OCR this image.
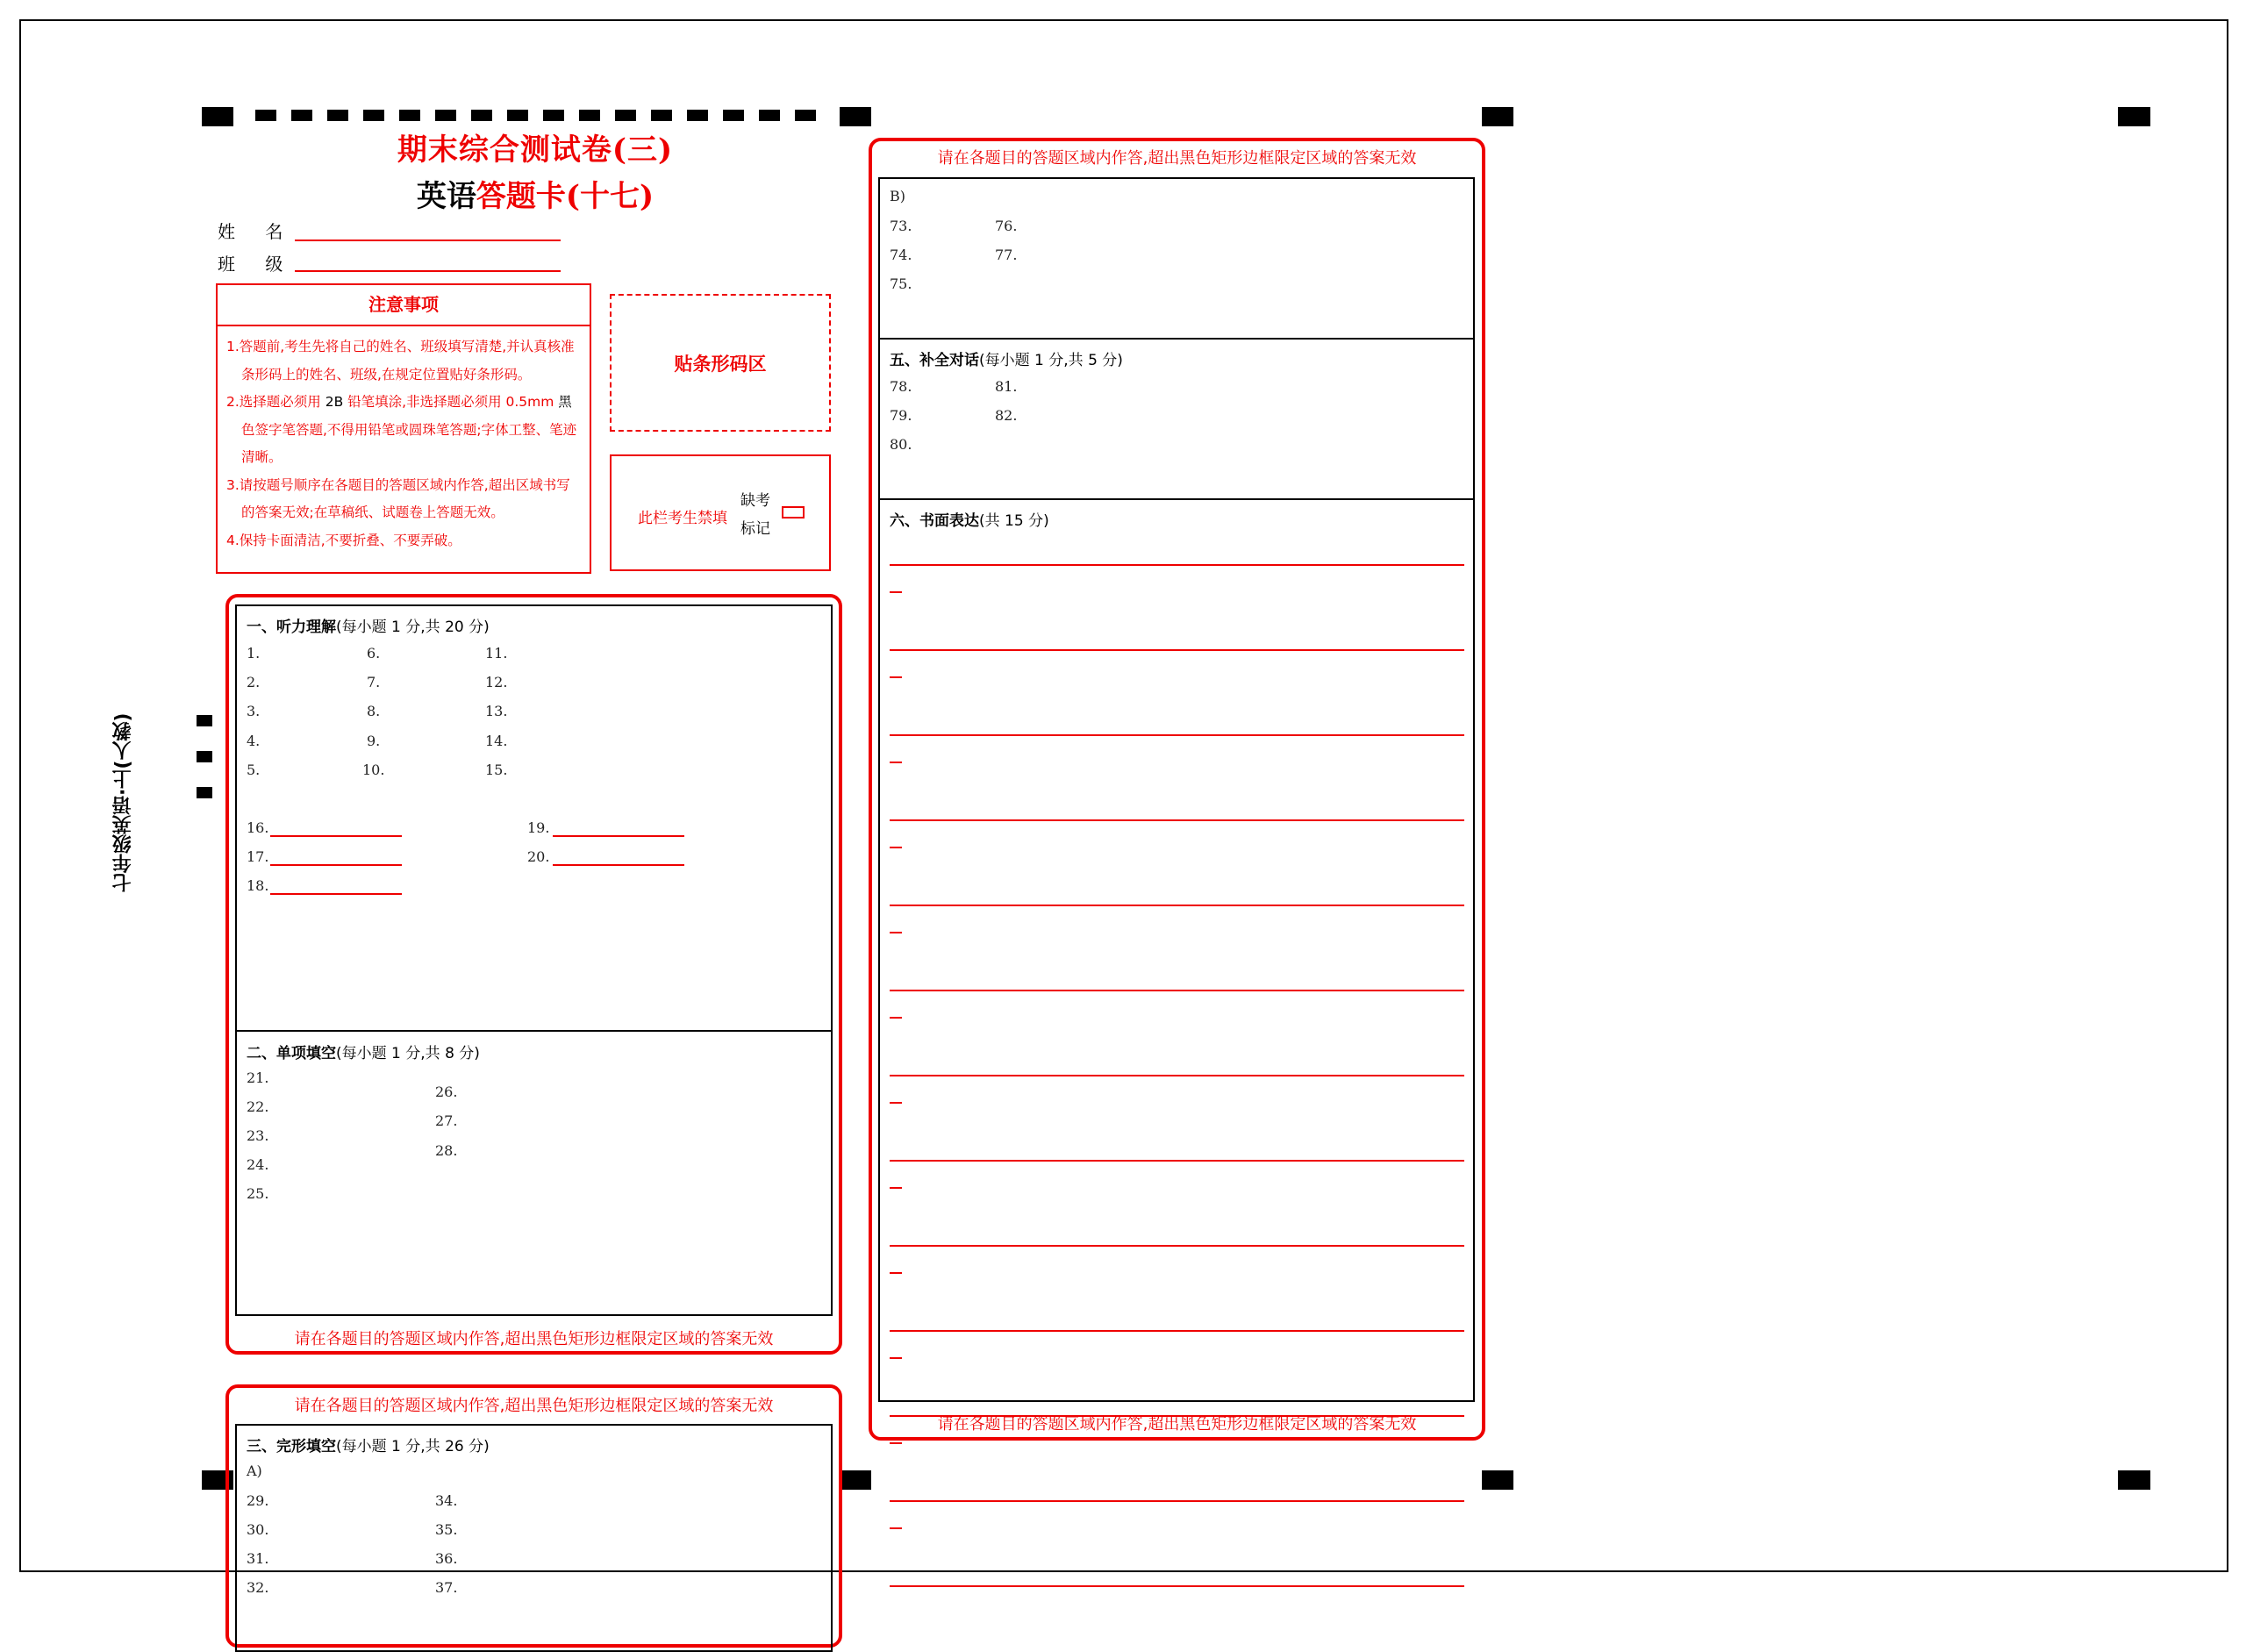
七年级英语·上(人教)
期末综合测试卷(三)
英语答题卡(十七)
姓 名
班 级
注意事项
1.答题前,考生先将自己的姓名、班级填写清楚,并认真核准条形码上的姓名、班级,在规定位置贴好条形码。
2.选择题必须用 2B 铅笔填涂,非选择题必须用 0.5mm 黑色签字笔答题,不得用铅笔或圆珠笔答题;字体工整、笔迹清晰。
3.请按题号顺序在各题目的答题区域内作答,超出区域书写的答案无效;在草稿纸、试题卷上答题无效。
4.保持卡面清洁,不要折叠、不要弄破。
贴条形码区
此栏考生禁填
缺考
标记
一、听力理解(每小题 1 分,共 20 分)
1.
2.
3.
4.
5.
6.
7.
8.
9.
10.
11.
12.
13.
14.
15.
16.
17.
18.
19.
20.
二、单项填空(每小题 1 分,共 8 分)
21.
22.
23.
24.
25.
26.
27.
28.
请在各题目的答题区域内作答,超出黑色矩形边框限定区域的答案无效
请在各题目的答题区域内作答,超出黑色矩形边框限定区域的答案无效
三、完形填空(每小题 1 分,共 26 分)
A)
29.
30.
31.
32.
34.
35.
36.
37.
请在各题目的答题区域内作答,超出黑色矩形边框限定区域的答案无效
B)
73.
74.
75.
76.
77.
五、补全对话(每小题 1 分,共 5 分)
78.
79.
80.
81.
82.
六、书面表达(共 15 分)
请在各题目的答题区域内作答,超出黑色矩形边框限定区域的答案无效
